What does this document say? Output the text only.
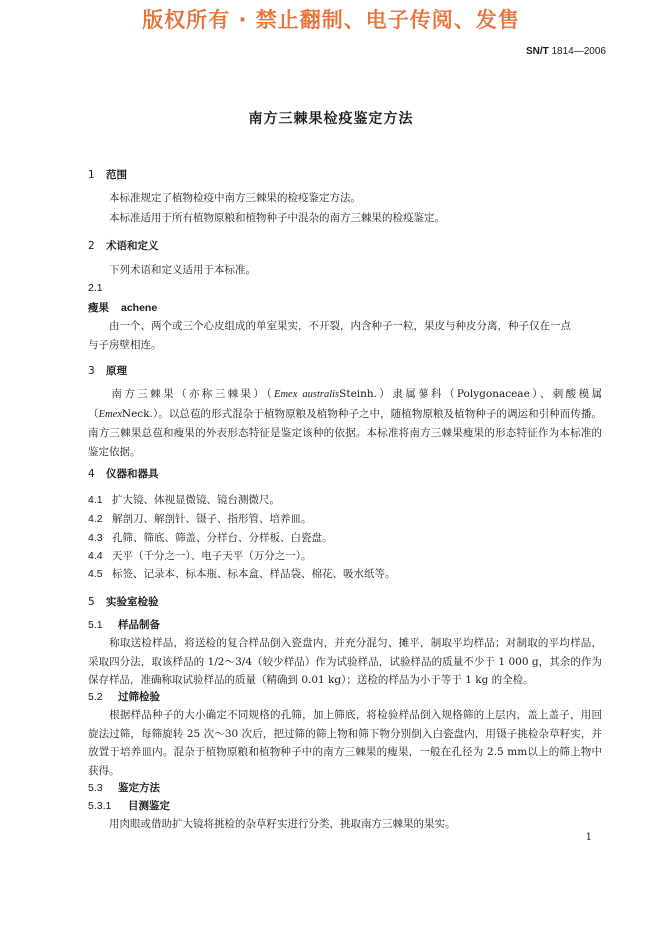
版权所有 · 禁止翻制、电子传阅、发售
SN/T 1814—2006
南方三棘果检疫鉴定方法
1 范围
本标准规定了植物检疫中南方三棘果的检疫鉴定方法。
本标准适用于所有植物原粮和植物种子中混杂的南方三棘果的检疫鉴定。
2 术语和定义
下列术语和定义适用于本标准。
2.1
瘦果 achene
由一个、两个或三个心皮组成的单室果实，不开裂，内含种子一粒，果皮与种皮分离，种子仅在一点
与子房壁相连。
3 原理
南方三棘果（亦称三棘果）（Emex australisSteinh.）隶属蓼科（Polygonaceae）、刺酸模属（EmexNeck.）。以总苞的形式混杂于植物原粮及植物种子之中，随植物原粮及植物种子的调运和引种而传播。南方三棘果总苞和瘦果的外表形态特征是鉴定该种的依据。本标准将南方三棘果瘦果的形态特征作为本标准的鉴定依据。
4 仪器和器具
4.1 扩大镜、体视显微镜、镜台测微尺。
4.2 解剖刀、解剖针、镊子、指形管、培养皿。
4.3 孔筛、筛底、筛盖、分样台、分样板、白瓷盘。
4.4 天平（千分之一）、电子天平（万分之一）。
4.5 标签、记录本、标本瓶、标本盒、样品袋、棉花、吸水纸等。
5 实验室检验
5.1 样品制备
称取送检样品，将送检的复合样品倒入瓷盘内，并充分混匀、摊平，制取平均样品；对制取的平均样品，采取四分法，取该样品的 1/2～3/4（较少样品）作为试验样品，试验样品的质量不少于 1 000 g，其余的作为保存样品，准确称取试验样品的质量（精确到 0.01 kg）；送检的样品为小于等于 1 kg 的全检。
5.2 过筛检验
根据样品种子的大小确定不同规格的孔筛，加上筛底，将检验样品倒入规格筛的上层内，盖上盖子，用回旋法过筛，每筛旋转 25 次～30 次后，把过筛的筛上物和筛下物分别倒入白瓷盘内，用镊子挑检杂草籽实，并放置于培养皿内。混杂于植物原粮和植物种子中的南方三棘果的瘦果，一般在孔径为 2.5 mm以上的筛上物中获得。
5.3 鉴定方法
5.3.1 目测鉴定
用肉眼或借助扩大镜将挑检的杂草籽实进行分类，挑取南方三棘果的果实。
1
